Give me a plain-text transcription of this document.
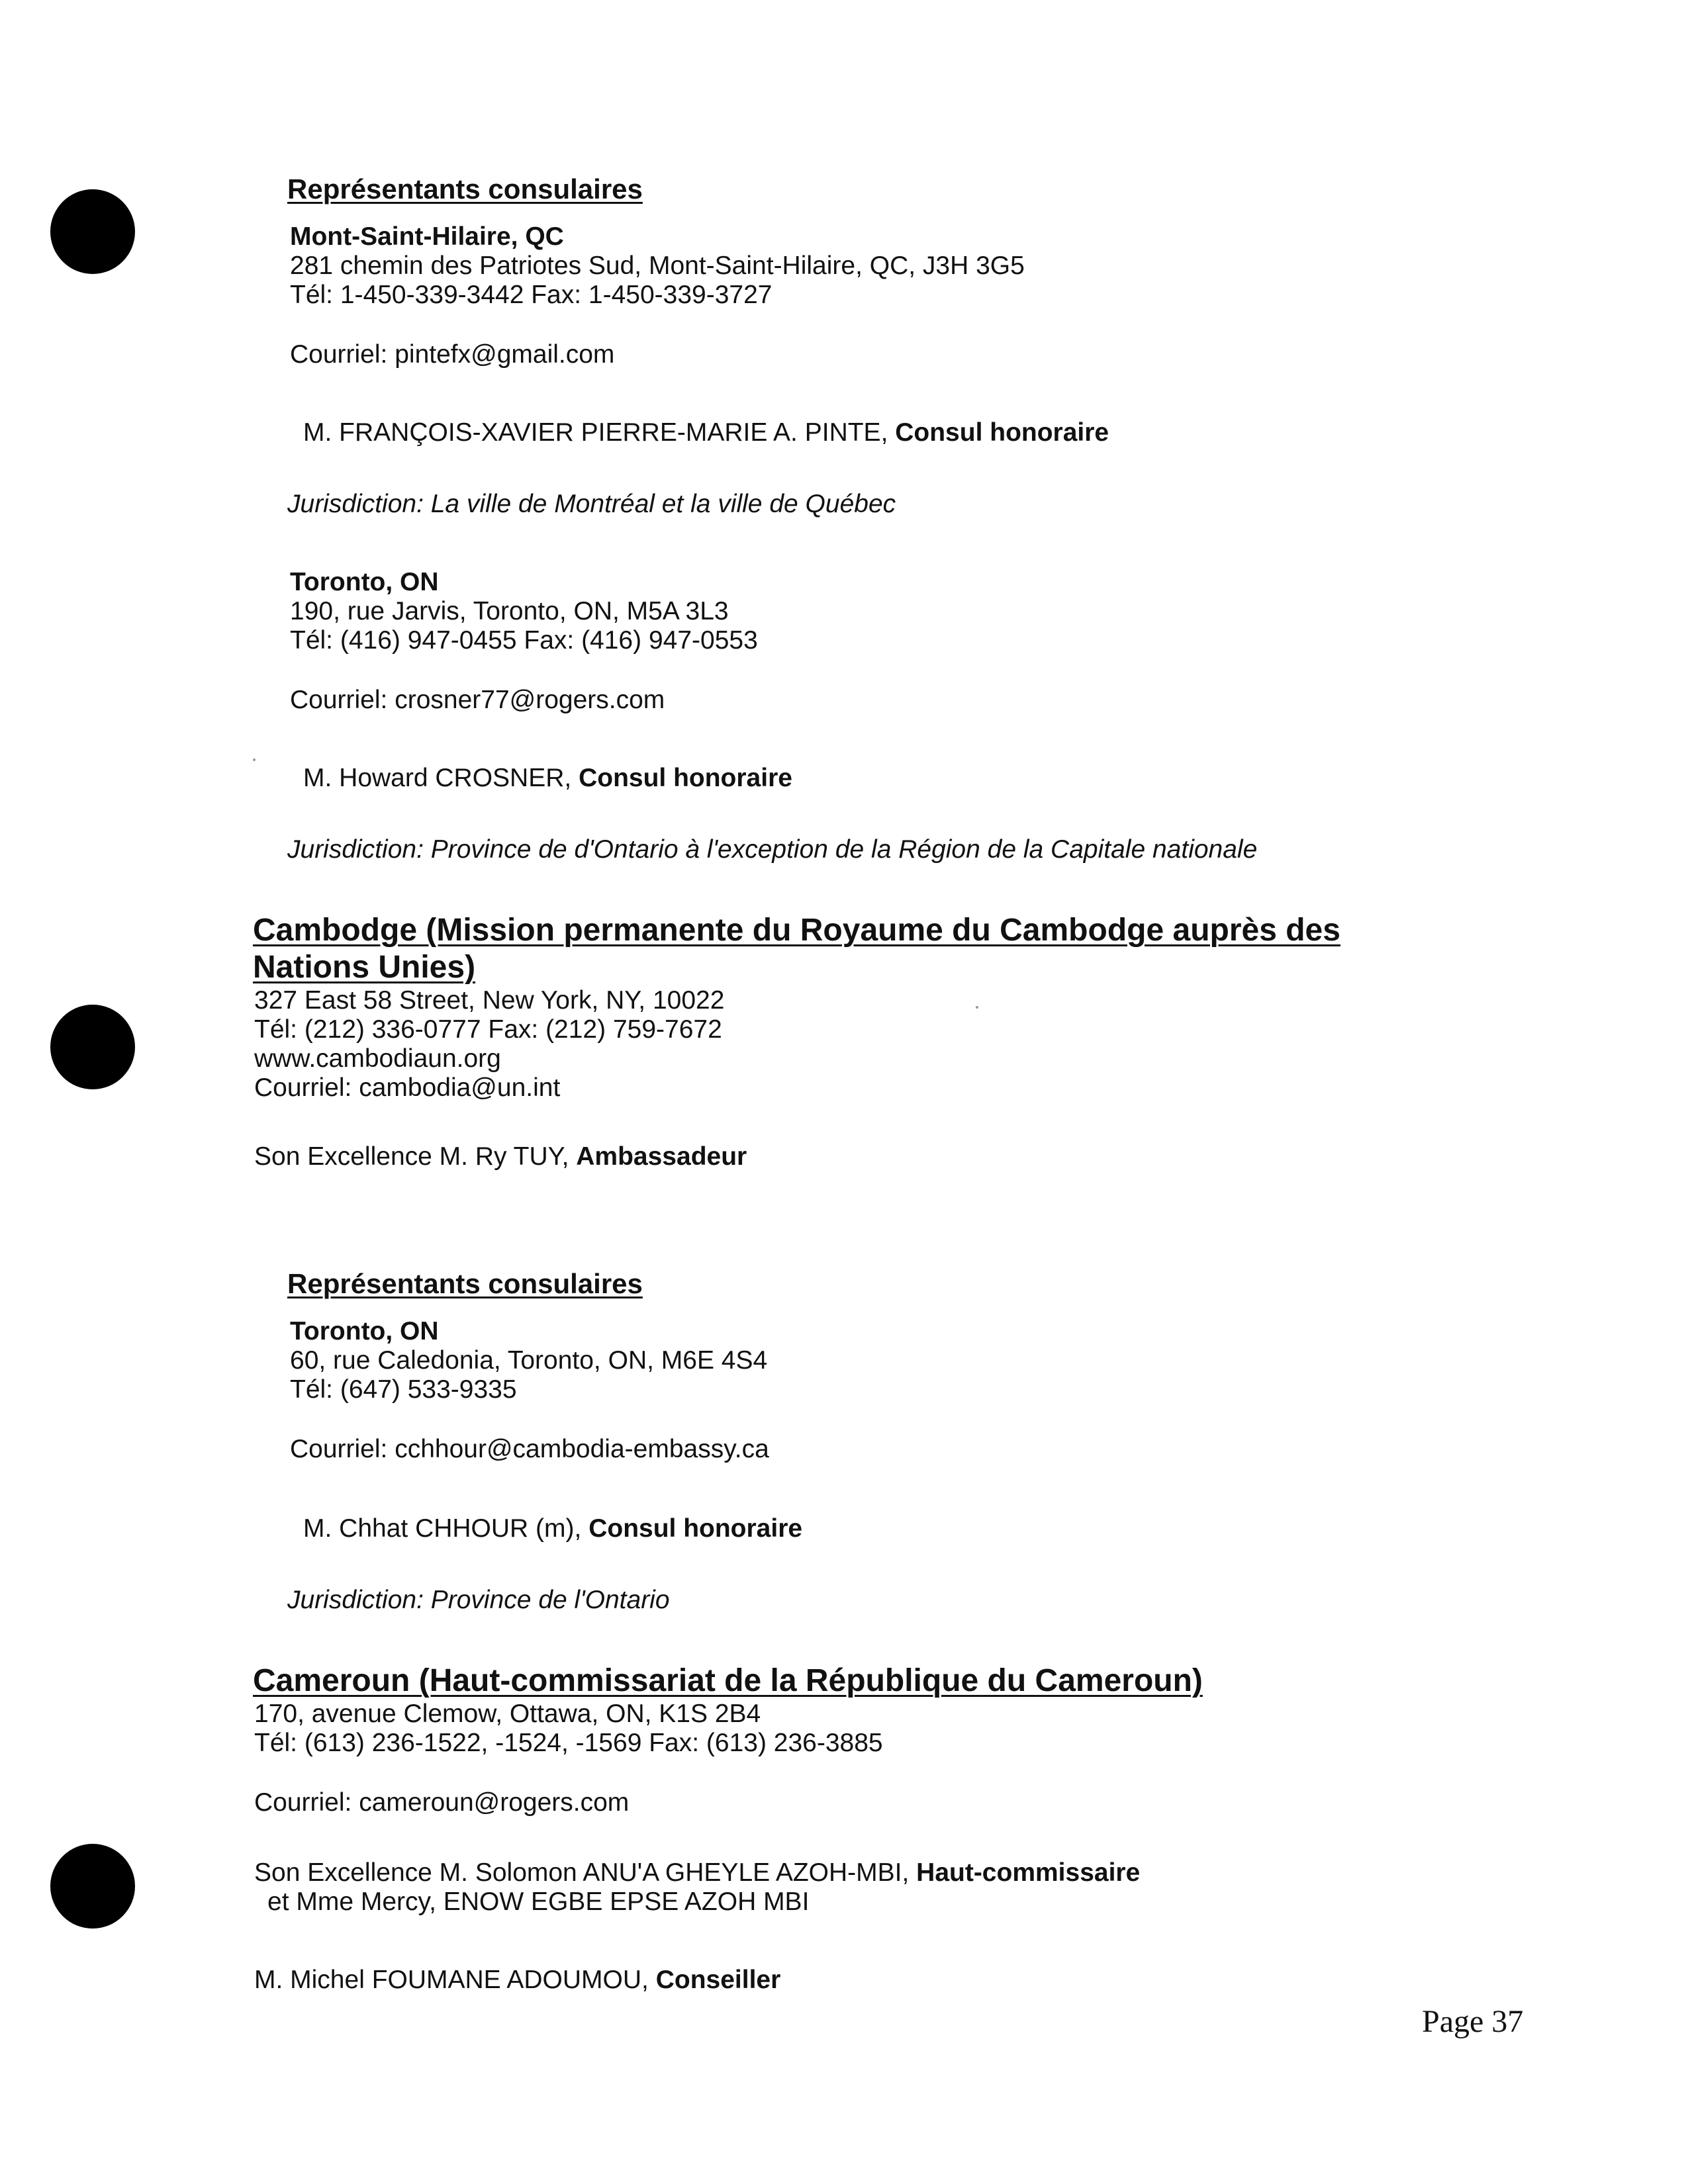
Représentants consulaires

Mont-Saint-Hilaire, QC

281 chemin des Patriotes Sud, Mont-Saint-Hilaire, QC, J3H 3G5

Tél: 1-450-339-3442 Fax: 1-450-339-3727

Courriel: pintefx@gmail.com

M. FRANÇOIS-XAVIER PIERRE-MARIE A. PINTE, Consul honoraire

Jurisdiction: La ville de Montréal et la ville de Québec

Toronto, ON

190, rue Jarvis, Toronto, ON, M5A 3L3

Tél: (416) 947-0455 Fax: (416) 947-0553

Courriel: crosner77@rogers.com

M. Howard CROSNER, Consul honoraire

Jurisdiction: Province de d'Ontario à l'exception de la Région de la Capitale nationale

Cambodge (Mission permanente du Royaume du Cambodge auprès des

Nations Unies)

327 East 58 Street, New York, NY, 10022

Tél: (212) 336-0777 Fax: (212) 759-7672

www.cambodiaun.org

Courriel: cambodia@un.int

Son Excellence M. Ry TUY, Ambassadeur

Représentants consulaires

Toronto, ON

60, rue Caledonia, Toronto, ON, M6E 4S4

Tél: (647) 533-9335

Courriel: cchhour@cambodia-embassy.ca

M. Chhat CHHOUR (m), Consul honoraire

Jurisdiction: Province de l'Ontario

Cameroun (Haut-commissariat de la République du Cameroun)

170, avenue Clemow, Ottawa, ON, K1S 2B4

Tél: (613) 236-1522, -1524, -1569 Fax: (613) 236-3885

Courriel: cameroun@rogers.com

Son Excellence M. Solomon ANU'A GHEYLE AZOH-MBI, Haut-commissaire

et Mme Mercy, ENOW EGBE EPSE AZOH MBI

M. Michel FOUMANE ADOUMOU, Conseiller

Page 37
